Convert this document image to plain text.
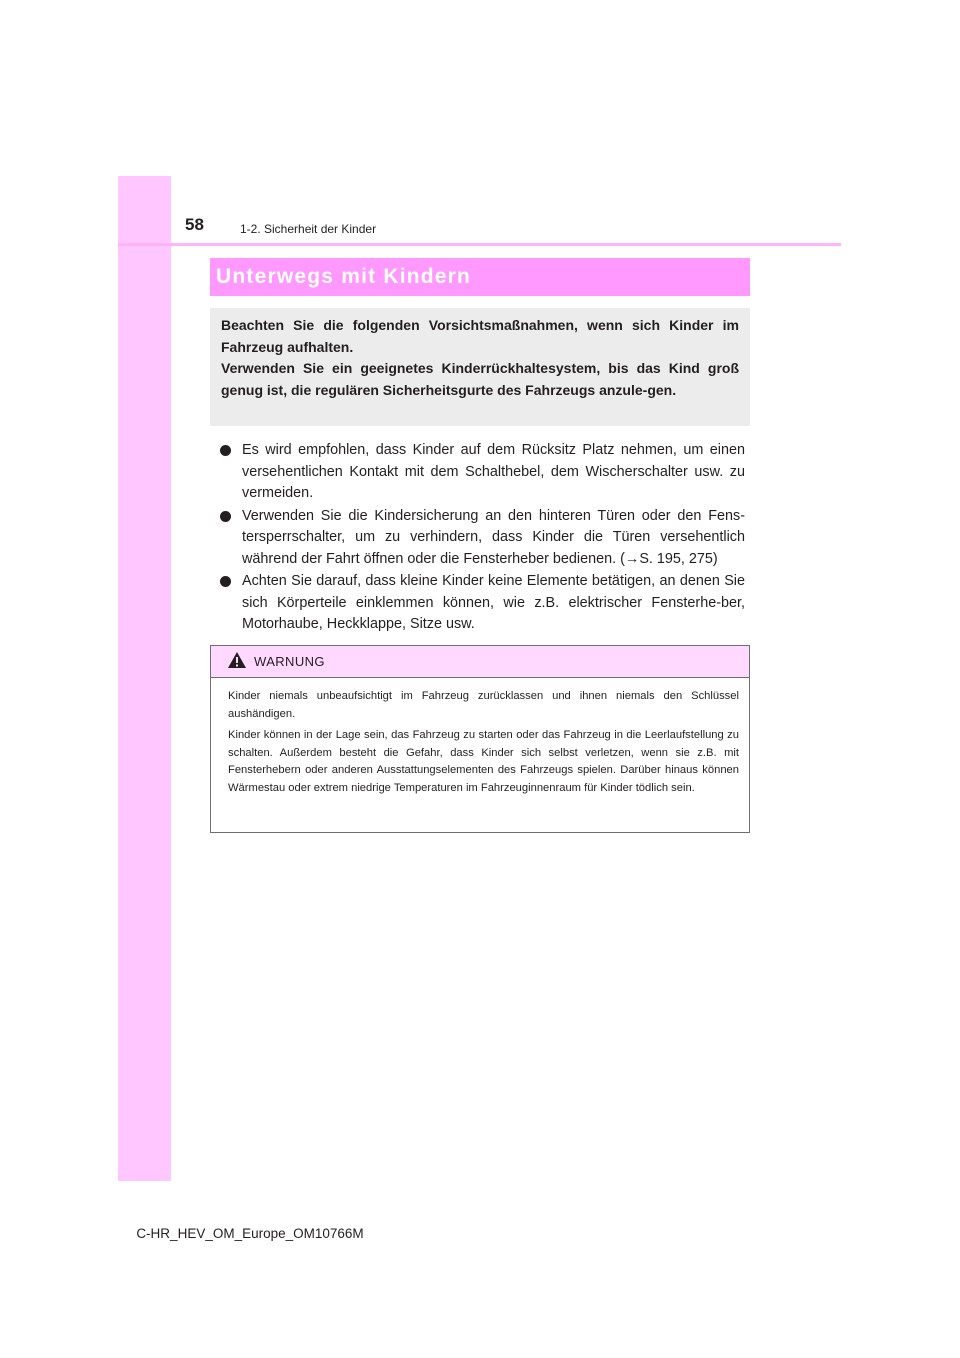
58	1-2. Sicherheit der Kinder
Unterwegs mit Kindern

Beachten Sie die folgenden Vorsichtsmaßnahmen, wenn sich Kinder im Fahrzeug aufhalten.

Verwenden Sie ein geeignetes Kinderrückhaltesystem, bis das Kind groß genug ist, die regulären Sicherheitsgurte des Fahrzeugs anzule-gen.

Es wird empfohlen, dass Kinder auf dem Rücksitz Platz nehmen, um einen versehentlichen Kontakt mit dem Schalthebel, dem Wischerschalter usw. zu vermeiden.
Verwenden Sie die Kindersicherung an den hinteren Türen oder den Fens-tersperrschalter, um zu verhindern, dass Kinder die Türen versehentlich während der Fahrt öffnen oder die Fensterheber bedienen. (→S. 195, 275)
Achten Sie darauf, dass kleine Kinder keine Elemente betätigen, an denen Sie sich Körperteile einklemmen können, wie z.B. elektrischer Fensterhe-ber, Motorhaube, Heckklappe, Sitze usw.
WARNUNG

Kinder niemals unbeaufsichtigt im Fahrzeug zurücklassen und ihnen niemals den Schlüssel aushändigen.

Kinder können in der Lage sein, das Fahrzeug zu starten oder das Fahrzeug in die Leerlaufstellung zu schalten. Außerdem besteht die Gefahr, dass Kinder sich selbst verletzen, wenn sie z.B. mit Fensterhebern oder anderen Ausstattungselementen des Fahrzeugs spielen. Darüber hinaus können Wärmestau oder extrem niedrige Temperaturen im Fahrzeuginnenraum für Kinder tödlich sein.

C-HR_HEV_OM_Europe_OM10766M
